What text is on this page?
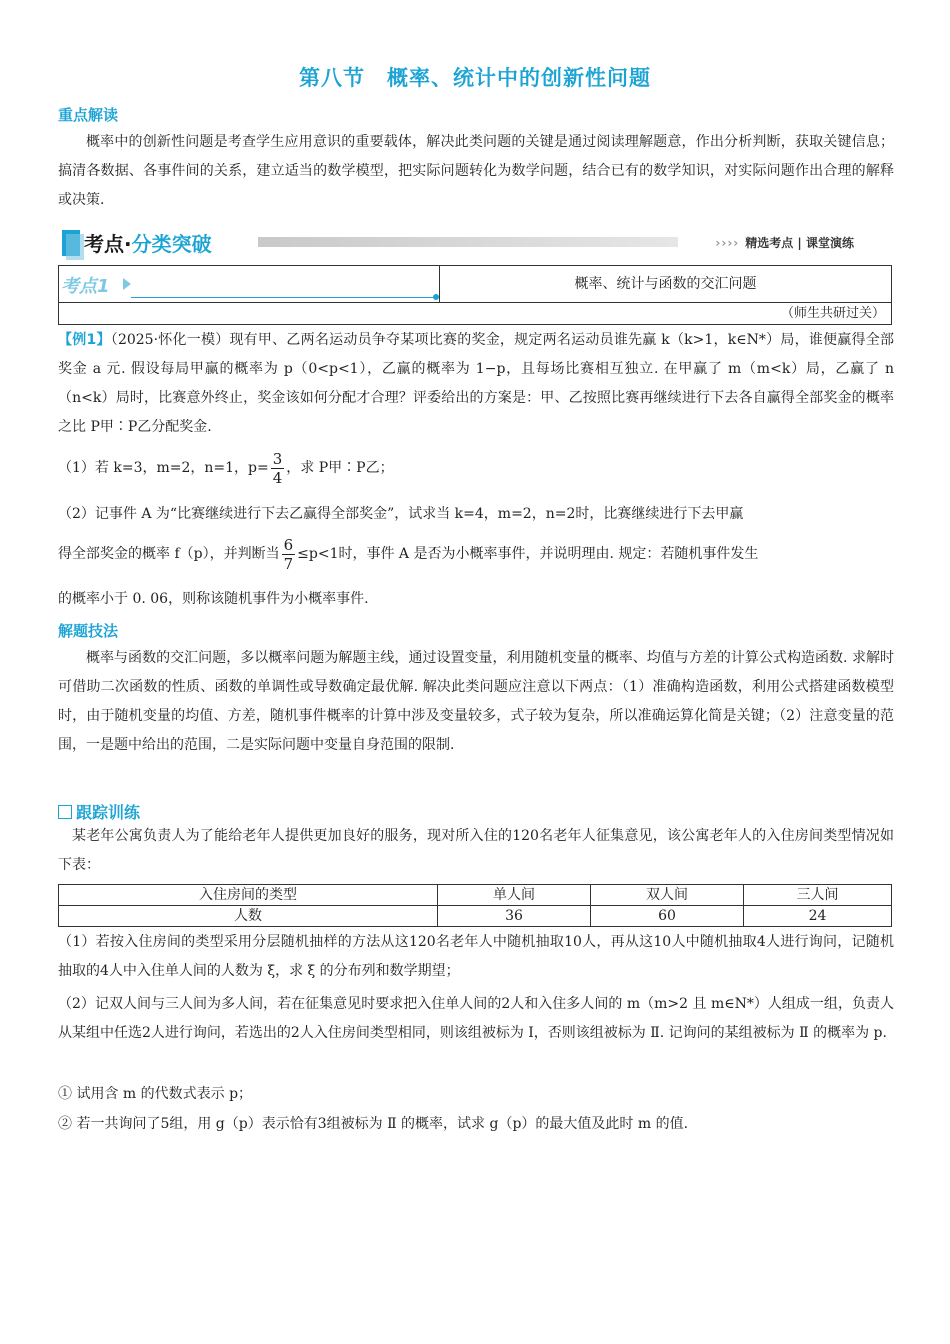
第八节　概率、统计中的创新性问题
重点解读
概率中的创新性问题是考查学生应用意识的重要载体，解决此类问题的关键是通过阅读理解题意，作出分析判断，获取关键信息；搞清各数据、各事件间的关系，建立适当的数学模型，把实际问题转化为数学问题，结合已有的数学知识，对实际问题作出合理的解释或决策.
考点·分类突破	›››› 精选考点 | 课堂演练
考点1	概率、统计与函数的交汇问题
（师生共研过关）
【例1】（2025·怀化一模）现有甲、乙两名运动员争夺某项比赛的奖金，规定两名运动员谁先赢 k（k>1，k∈N*）局，谁便赢得全部奖金 a 元. 假设每局甲赢的概率为 p（0<p<1），乙赢的概率为 1−p，且每场比赛相互独立. 在甲赢了 m（m<k）局，乙赢了 n（n<k）局时，比赛意外终止，奖金该如何分配才合理？评委给出的方案是：甲、乙按照比赛再继续进行下去各自赢得全部奖金的概率之比 P甲∶P乙分配奖金.
（1）若 k=3，m=2，n=1，$p= \frac{3}{4}$ ，求 P甲∶P乙；
（2）记事件 A 为“比赛继续进行下去乙赢得全部奖金”，试求当 k=4，m=2，n=2时，比赛继续进行下去甲赢
得全部奖金的概率 f（p），并判断当 $\frac{6}{7} \le p<1$时，事件 A 是否为小概率事件，并说明理由. 规定：若随机事件发生
的概率小于 0. 06，则称该随机事件为小概率事件.
解题技法
概率与函数的交汇问题，多以概率问题为解题主线，通过设置变量，利用随机变量的概率、均值与方差的计算公式构造函数. 求解时可借助二次函数的性质、函数的单调性或导数确定最优解. 解决此类问题应注意以下两点：（1）准确构造函数，利用公式搭建函数模型时，由于随机变量的均值、方差，随机事件概率的计算中涉及变量较多，式子较为复杂，所以准确运算化简是关键；（2）注意变量的范围，一是题中给出的范围，二是实际问题中变量自身范围的限制.
跟踪训练
某老年公寓负责人为了能给老年人提供更加良好的服务，现对所入住的120名老年人征集意见，该公寓老年人的入住房间类型情况如下表：
入住房间的类型	单人间	双人间	三人间
人数	36	60	24
（1）若按入住房间的类型采用分层随机抽样的方法从这120名老年人中随机抽取10人，再从这10人中随机抽取4人进行询问，记随机抽取的4人中入住单人间的人数为 ξ，求 ξ 的分布列和数学期望；
（2）记双人间与三人间为多人间，若在征集意见时要求把入住单人间的2人和入住多人间的 m（m>2 且 m∈N*）人组成一组，负责人从某组中任选2人进行询问，若选出的2人入住房间类型相同，则该组被标为 Ⅰ，否则该组被标为 Ⅱ. 记询问的某组被标为 Ⅱ 的概率为 p.
① 试用含 m 的代数式表示 p；
② 若一共询问了5组，用 g（p）表示恰有3组被标为 Ⅱ 的概率，试求 g（p）的最大值及此时 m 的值.
